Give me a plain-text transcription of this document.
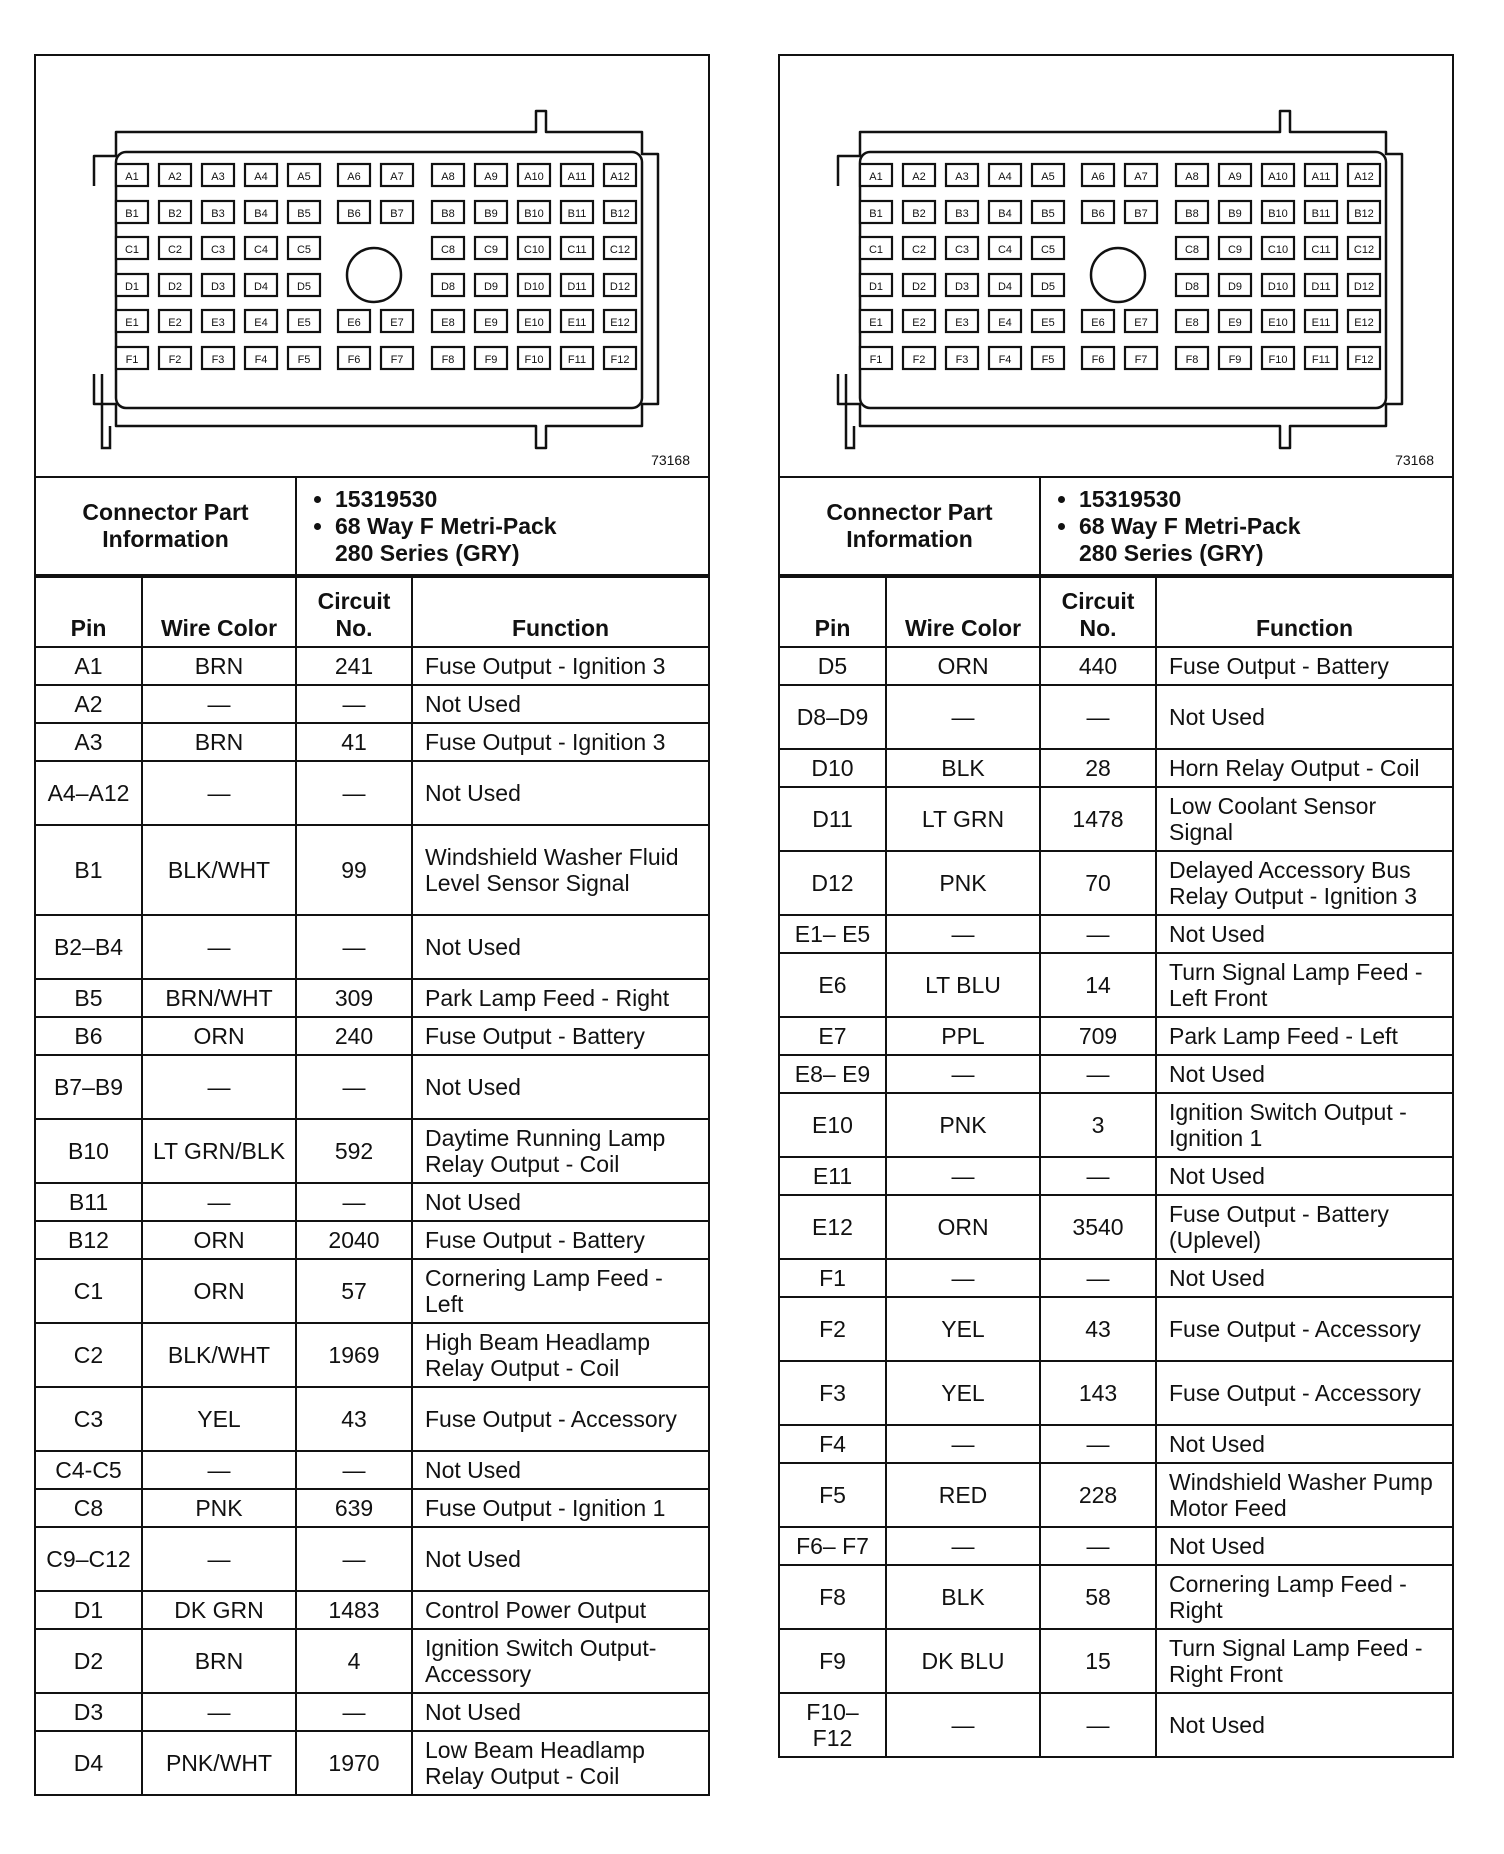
A1	A2	A3	A4	A5	A6	A7	A8	A9 A10 A11 A12
B1	B2	B3	B4	B5	B6	B7	B8	B9 B10 B11 B12
C1	C2	C3	C4	C5	C8	C9 C10 C11 C12
D1	D2	D3	D4	D5	D8	D9 D10 D11 D12
E1	E2	E3	E4	E5	E6	E7	E8	E9 E10 E11 E12
F1	F2	F3	F4	F5	F6	F7	F8	F9 F10 F11 F12
73168
Connector Part Information	
• 15319530
• 68 Way F Metri-Pack
280 Series (GRY)
Pin	Wire Color	Circuit No.	Function
A1	BRN	241	Fuse Output - Ignition 3
A2	—	—	Not Used
A3	BRN	41	Fuse Output - Ignition 3
A4–A12	—	—	Not Used
B1	BLK/WHT	99	Windshield Washer Fluid Level Sensor Signal
B2–B4	—	—	Not Used
B5	BRN/WHT	309	Park Lamp Feed - Right
B6	ORN	240	Fuse Output - Battery
B7–B9	—	—	Not Used
B10	LT GRN/BLK	592	Daytime Running Lamp Relay Output - Coil
B11	—	—	Not Used
B12	ORN	2040	Fuse Output - Battery
C1	ORN	57	Cornering Lamp Feed - Left
C2	BLK/WHT	1969	High Beam Headlamp Relay Output - Coil
C3	YEL	43	Fuse Output - Accessory
C4-C5	—	—	Not Used
C8	PNK	639	Fuse Output - Ignition 1
C9–C12	—	—	Not Used
D1	DK GRN	1483	Control Power Output
D2	BRN	4	Ignition Switch Output-Accessory
D3	—	—	Not Used
D4	PNK/WHT	1970	Low Beam Headlamp Relay Output - Coil
A1	A2	A3	A4	A5	A6	A7	A8	A9 A10 A11 A12
B1	B2	B3	B4	B5	B6	B7	B8	B9 B10 B11 B12
C1	C2	C3	C4	C5	C8	C9 C10 C11 C12
D1	D2	D3	D4	D5	D8	D9 D10 D11 D12
E1	E2	E3	E4	E5	E6	E7	E8	E9 E10 E11 E12
F1	F2	F3	F4	F5	F6	F7	F8	F9 F10 F11 F12
73168
Connector Part Information	
• 15319530
• 68 Way F Metri-Pack
280 Series (GRY)
Pin	Wire Color	Circuit No.	Function
D5	ORN	440	Fuse Output - Battery
D8–D9	—	—	Not Used
D10	BLK	28	Horn Relay Output - Coil
D11	LT GRN	1478	Low Coolant Sensor Signal
D12	PNK	70	Delayed Accessory Bus Relay Output - Ignition 3
E1– E5	—	—	Not Used
E6	LT BLU	14	Turn Signal Lamp Feed - Left Front
E7	PPL	709	Park Lamp Feed - Left
E8– E9	—	—	Not Used
E10	PNK	3	Ignition Switch Output - Ignition 1
E11	—	—	Not Used
E12	ORN	3540	Fuse Output - Battery (Uplevel)
F1	—	—	Not Used
F2	YEL	43	Fuse Output - Accessory
F3	YEL	143	Fuse Output - Accessory
F4	—	—	Not Used
F5	RED	228	Windshield Washer Pump Motor Feed
F6– F7	—	—	Not Used
F8	BLK	58	Cornering Lamp Feed - Right
F9	DK BLU	15	Turn Signal Lamp Feed - Right Front
F10–F12	—	—	Not Used
